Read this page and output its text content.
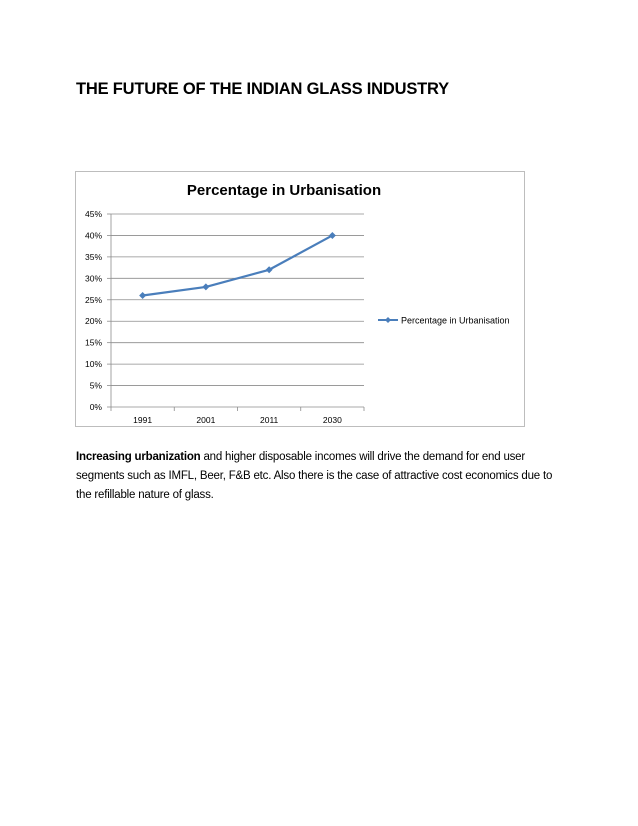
THE FUTURE OF THE INDIAN GLASS INDUSTRY
Percentage in Urbanisation
0%
5%
10%
15%
20%
25%
30%
35%
40%
45%
1991	2001	2011	2030
Percentage in Urbanisation

Increasing urbanization and higher disposable incomes will drive the demand for end user

segments such as IMFL, Beer, F&B etc. Also there is the case of attractive cost economics due to

the refillable nature of glass.
